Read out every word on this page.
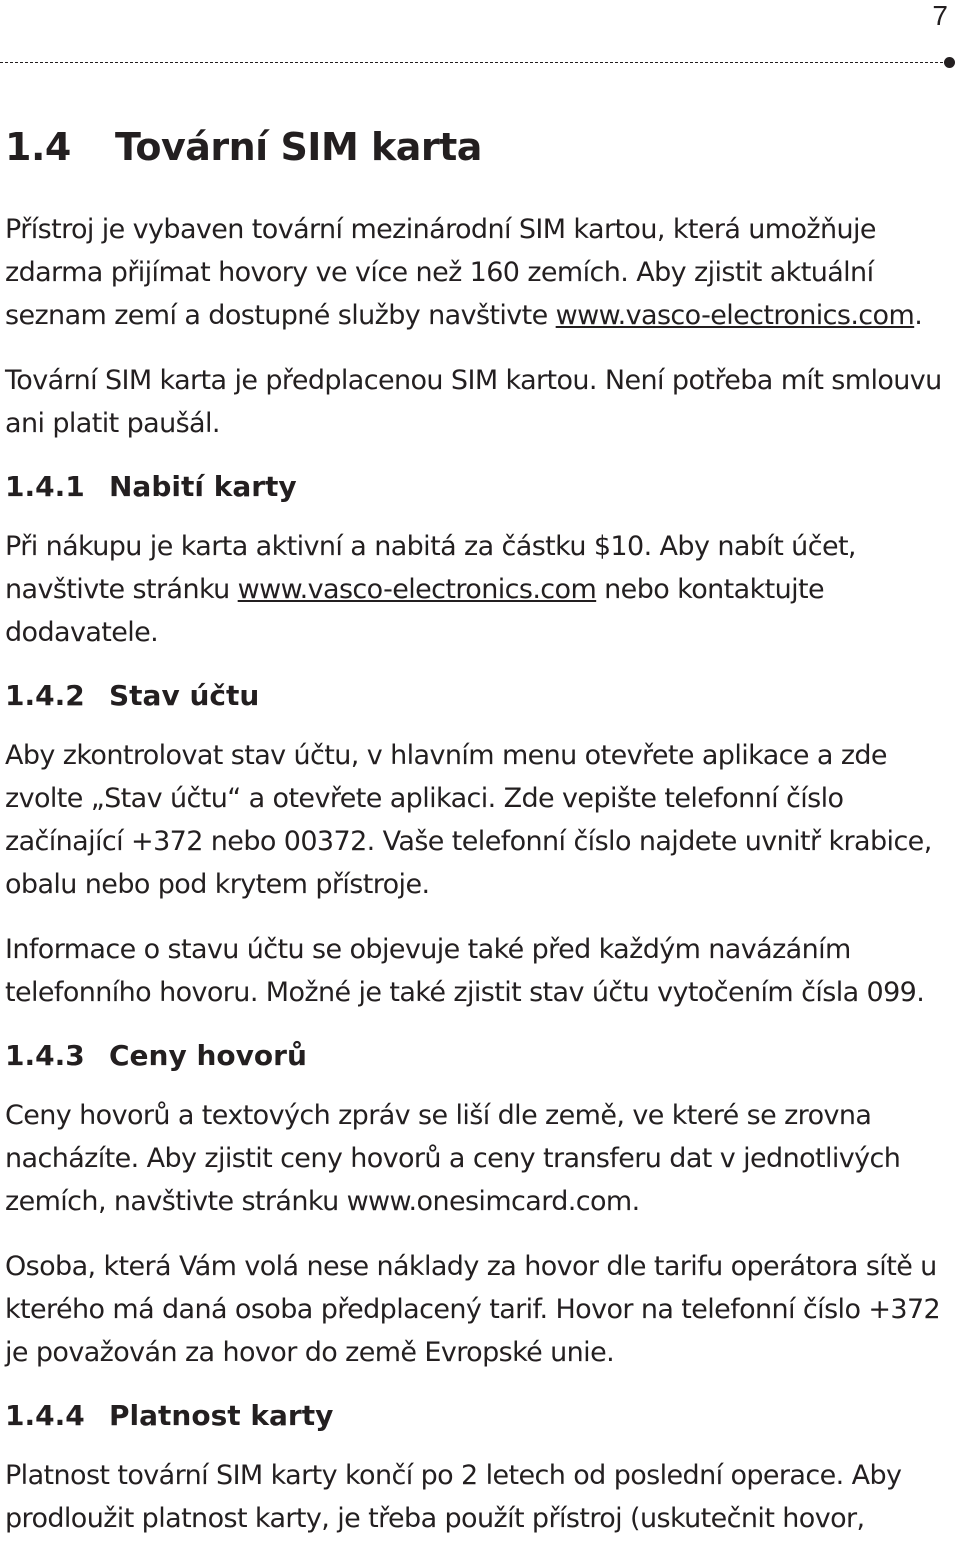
7
1.4 Tovární SIM karta

Přístroj je vybaven tovární mezinárodní SIM kartou, která umožňuje zdarma přijímat hovory ve více než 160 zemích. Aby zjistit aktuální seznam zemí a dostupné služby navštivte www.vasco-electronics.com.

Tovární SIM karta je předplacenou SIM kartou. Není potřeba mít smlouvu ani platit paušál.

1.4.1 Nabití karty

Při nákupu je karta aktivní a nabitá za částku $10. Aby nabít účet, navštivte stránku www.vasco-electronics.com nebo kontaktujte dodavatele.

1.4.2 Stav účtu

Aby zkontrolovat stav účtu, v hlavním menu otevřete aplikace a zde zvolte „Stav účtu“ a otevřete aplikaci. Zde vepište telefonní číslo začínající +372 nebo 00372. Vaše telefonní číslo najdete uvnitř krabice, obalu nebo pod krytem přístroje.

Informace o stavu účtu se objevuje také před každým navázáním telefonního hovoru. Možné je také zjistit stav účtu vytočením čísla 099.

1.4.3 Ceny hovorů

Ceny hovorů a textových zpráv se liší dle země, ve které se zrovna nacházíte. Aby zjistit ceny hovorů a ceny transferu dat v jednotlivých zemích, navštivte stránku www.onesimcard.com.

Osoba, která Vám volá nese náklady za hovor dle tarifu operátora sítě u kterého má daná osoba předplacený tarif. Hovor na telefonní číslo +372 je považován za hovor do země Evropské unie.

1.4.4 Platnost karty

Platnost tovární SIM karty končí po 2 letech od poslední operace. Aby prodloužit platnost karty, je třeba použít přístroj (uskutečnit hovor,
